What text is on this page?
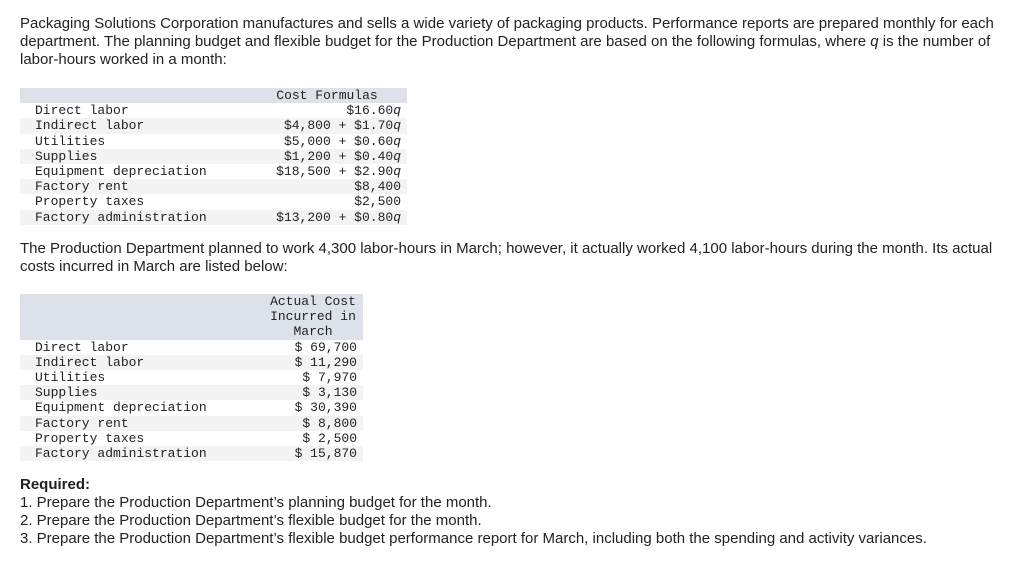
Packaging Solutions Corporation manufactures and sells a wide variety of packaging products. Performance reports are prepared monthly for each department. The planning budget and flexible budget for the Production Department are based on the following formulas, where q is the number of labor-hours worked in a month:

	Cost Formulas
Direct labor	$16.60q
Indirect labor	$4,800 + $1.70q
Utilities	$5,000 + $0.60q
Supplies	$1,200 + $0.40q
Equipment depreciation	$18,500 + $2.90q
Factory rent	$8,400
Property taxes	$2,500
Factory administration	$13,200 + $0.80q

The Production Department planned to work 4,300 labor-hours in March; however, it actually worked 4,100 labor-hours during the month. Its actual costs incurred in March are listed below:

	Actual Cost
Incurred in
March

Direct labor	$ 69,700
Indirect labor	$ 11,290
Utilities	$ 7,970
Supplies	$ 3,130
Equipment depreciation	$ 30,390
Factory rent	$ 8,800
Property taxes	$ 2,500
Factory administration	$ 15,870
Required:
1. Prepare the Production Department’s planning budget for the month.
2. Prepare the Production Department’s flexible budget for the month.
3. Prepare the Production Department’s flexible budget performance report for March, including both the spending and activity variances.
